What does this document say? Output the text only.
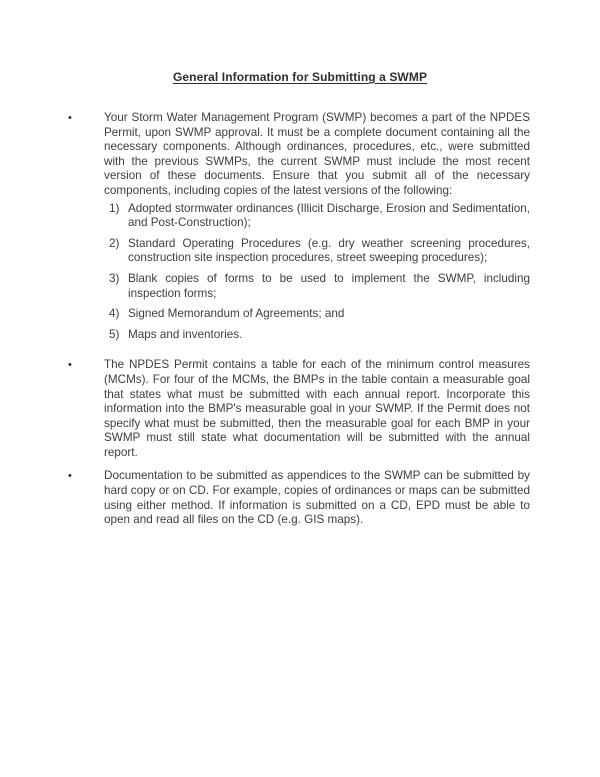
General Information for Submitting a SWMP
•	Your Storm Water Management Program (SWMP) becomes a part of the NPDES Permit, upon SWMP approval. It must be a complete document containing all the necessary components. Although ordinances, procedures, etc., were submitted with the previous SWMPs, the current SWMP must include the most recent version of these documents. Ensure that you submit all of the necessary components, including copies of the latest versions of the following:

1) Adopted stormwater ordinances (Illicit Discharge, Erosion and Sedimentation, and Post-Construction);
2) Standard Operating Procedures (e.g. dry weather screening procedures, construction site inspection procedures, street sweeping procedures);
3) Blank copies of forms to be used to implement the SWMP, including inspection forms;
4) Signed Memorandum of Agreements; and
5) Maps and inventories.
•	The NPDES Permit contains a table for each of the minimum control measures (MCMs). For four of the MCMs, the BMPs in the table contain a measurable goal that states what must be submitted with each annual report. Incorporate this information into the BMP's measurable goal in your SWMP. If the Permit does not specify what must be submitted, then the measurable goal for each BMP in your SWMP must still state what documentation will be submitted with the annual report.

•	Documentation to be submitted as appendices to the SWMP can be submitted by hard copy or on CD. For example, copies of ordinances or maps can be submitted using either method. If information is submitted on a CD, EPD must be able to open and read all files on the CD (e.g. GIS maps).
